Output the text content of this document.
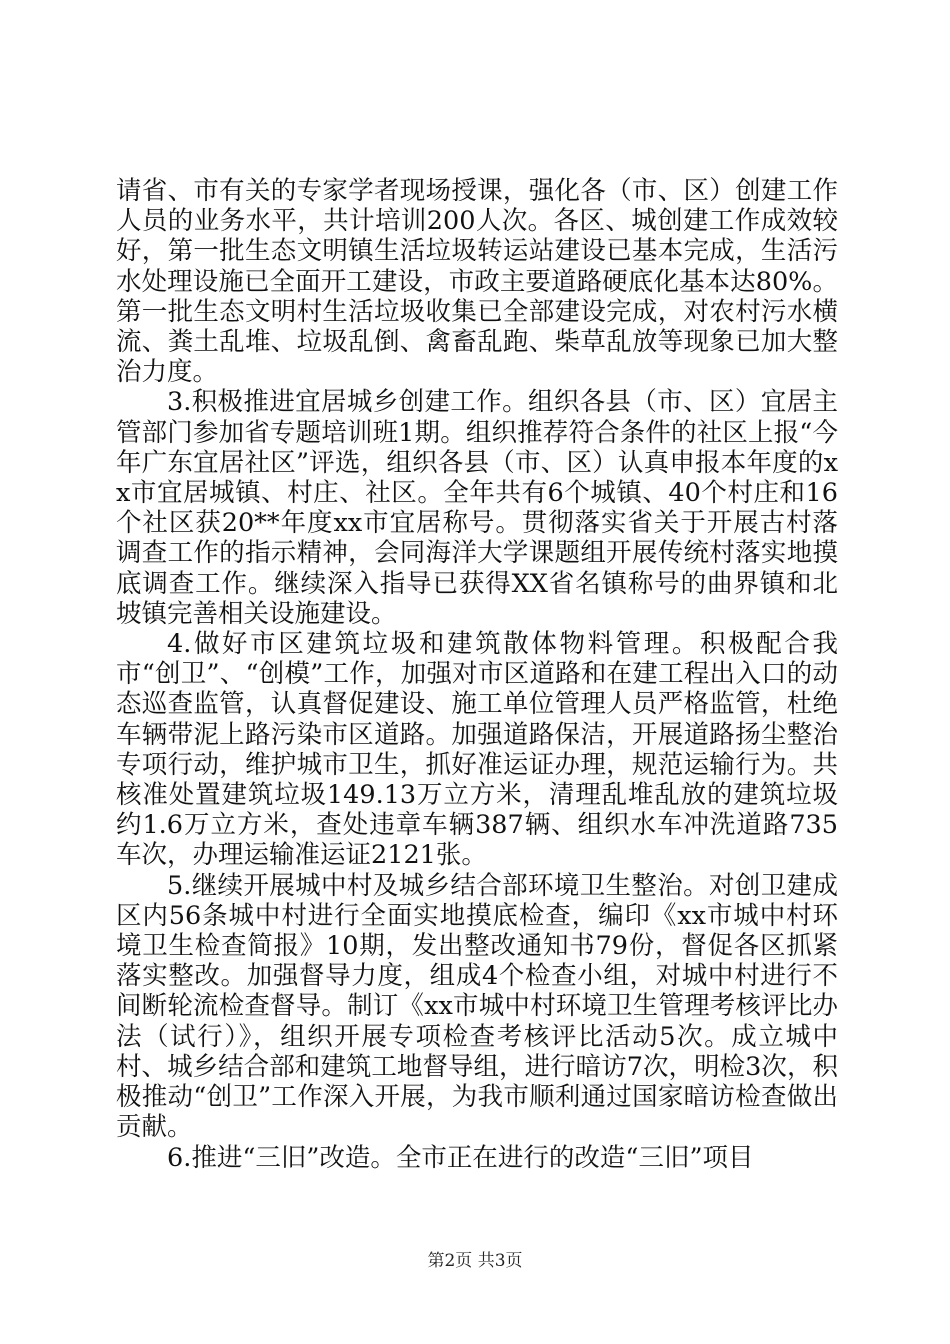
请省、市有关的专家学者现场授课，强化各（市、区）创建工作人员的业务水平，共计培训200人次。各区、城创建工作成效较好，第一批生态文明镇生活垃圾转运站建设已基本完成，生活污水处理设施已全面开工建设，市政主要道路硬底化基本达80%。第一批生态文明村生活垃圾收集已全部建设完成，对农村污水横流、粪土乱堆、垃圾乱倒、禽畜乱跑、柴草乱放等现象已加大整治力度。

3.积极推进宜居城乡创建工作。组织各县（市、区）宜居主管部门参加省专题培训班1期。组织推荐符合条件的社区上报“今年广东宜居社区”评选，组织各县（市、区）认真申报本年度的xx市宜居城镇、村庄、社区。全年共有6个城镇、40个村庄和16个社区获20**年度xx市宜居称号。贯彻落实省关于开展古村落调查工作的指示精神，会同海洋大学课题组开展传统村落实地摸底调查工作。继续深入指导已获得XX省名镇称号的曲界镇和北坡镇完善相关设施建设。

4.做好市区建筑垃圾和建筑散体物料管理。积极配合我市“创卫”、“创模”工作，加强对市区道路和在建工程出入口的动态巡查监管，认真督促建设、施工单位管理人员严格监管，杜绝车辆带泥上路污染市区道路。加强道路保洁，开展道路扬尘整治专项行动，维护城市卫生，抓好准运证办理，规范运输行为。共核准处置建筑垃圾149.13万立方米，清理乱堆乱放的建筑垃圾约1.6万立方米，查处违章车辆387辆、组织水车冲洗道路735车次，办理运输准运证2121张。

5.继续开展城中村及城乡结合部环境卫生整治。对创卫建成区内56条城中村进行全面实地摸底检查，编印《xx市城中村环境卫生检查简报》10期，发出整改通知书79份，督促各区抓紧落实整改。加强督导力度，组成4个检查小组，对城中村进行不间断轮流检查督导。制订《xx市城中村环境卫生管理考核评比办法（试行）》，组织开展专项检查考核评比活动5次。成立城中村、城乡结合部和建筑工地督导组，进行暗访7次，明检3次，积极推动“创卫”工作深入开展，为我市顺利通过国家暗访检查做出贡献。

6.推进“三旧”改造。全市正在进行的改造“三旧”项目

第2页 共3页
